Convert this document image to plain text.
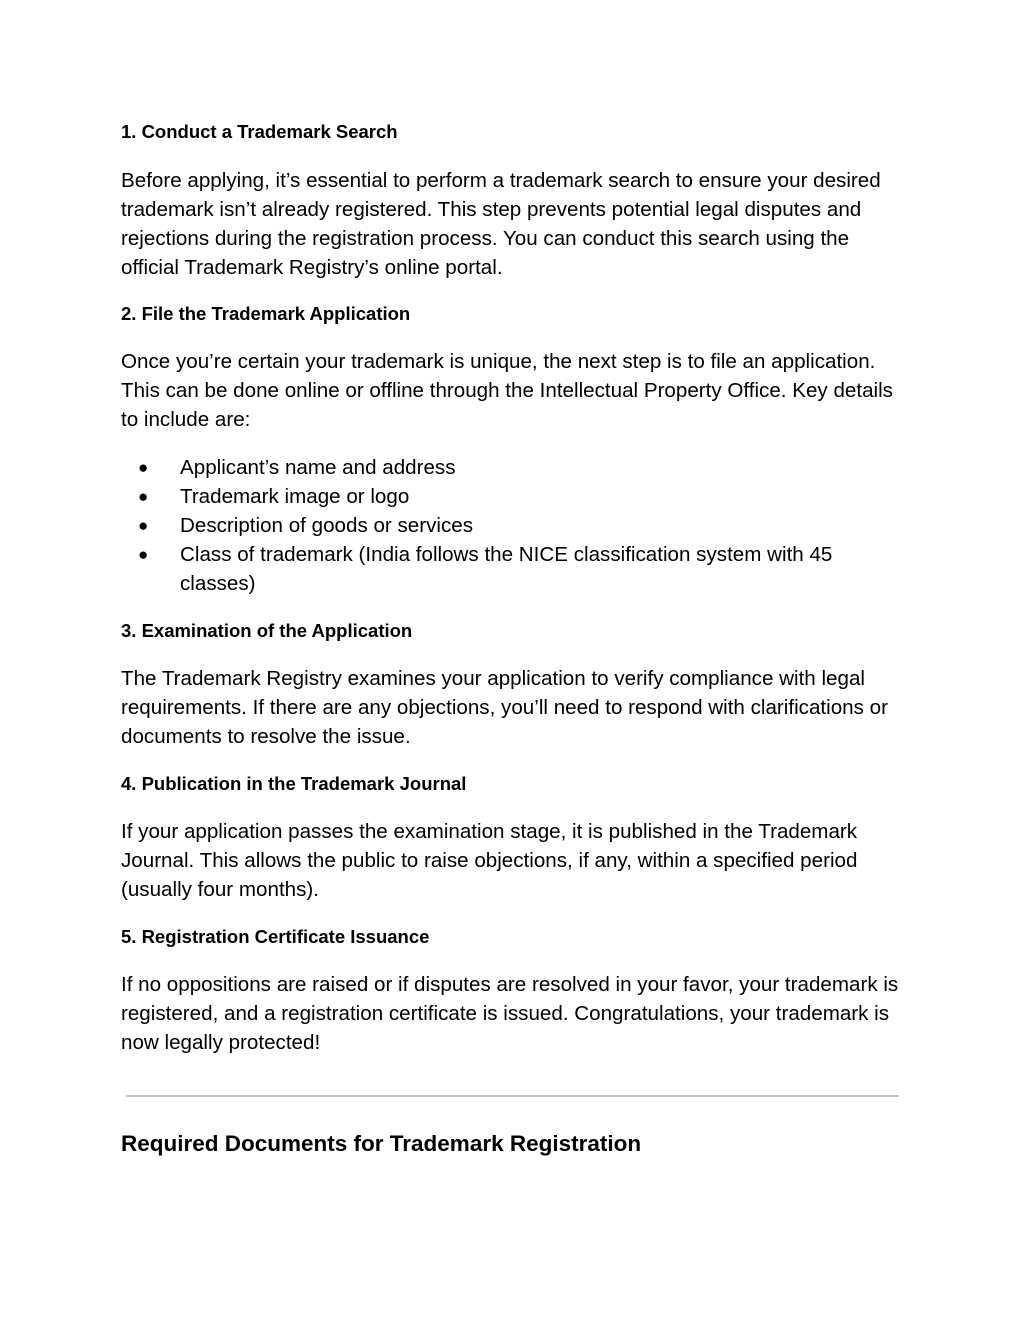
1. Conduct a Trademark Search
Before applying, it’s essential to perform a trademark search to ensure your desired trademark isn’t already registered. This step prevents potential legal disputes and rejections during the registration process. You can conduct this search using the official Trademark Registry’s online portal.
2. File the Trademark Application
Once you’re certain your trademark is unique, the next step is to file an application. This can be done online or offline through the Intellectual Property Office. Key details to include are:
● Applicant’s name and address
● Trademark image or logo
● Description of goods or services
● Class of trademark (India follows the NICE classification system with 45 classes)
3. Examination of the Application
The Trademark Registry examines your application to verify compliance with legal requirements. If there are any objections, you’ll need to respond with clarifications or documents to resolve the issue.
4. Publication in the Trademark Journal
If your application passes the examination stage, it is published in the Trademark Journal. This allows the public to raise objections, if any, within a specified period (usually four months).
5. Registration Certificate Issuance
If no oppositions are raised or if disputes are resolved in your favor, your trademark is registered, and a registration certificate is issued. Congratulations, your trademark is now legally protected!
Required Documents for Trademark Registration
